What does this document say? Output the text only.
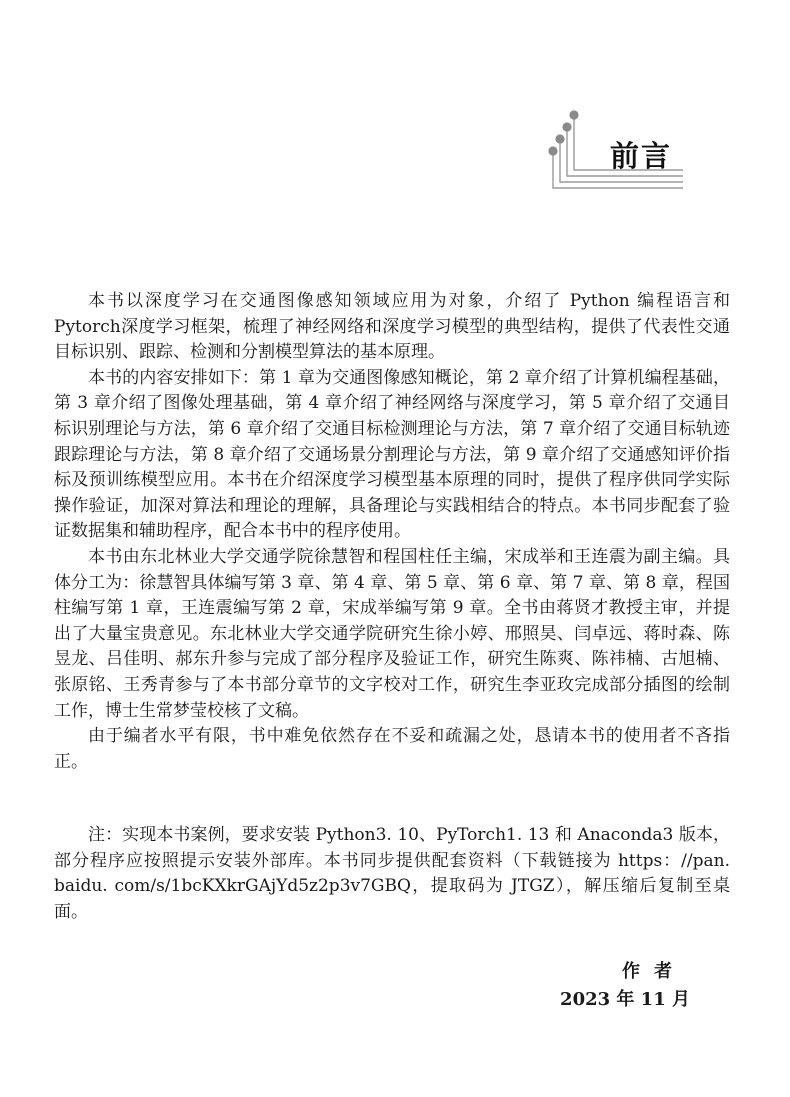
前言

本书以深度学习在交通图像感知领域应用为对象，介绍了 Python 编程语言和 Pytorch深度学习框架，梳理了神经网络和深度学习模型的典型结构，提供了代表性交通目标识别、跟踪、检测和分割模型算法的基本原理。

本书的内容安排如下：第 1 章为交通图像感知概论，第 2 章介绍了计算机编程基础，第 3 章介绍了图像处理基础，第 4 章介绍了神经网络与深度学习，第 5 章介绍了交通目标识别理论与方法，第 6 章介绍了交通目标检测理论与方法，第 7 章介绍了交通目标轨迹跟踪理论与方法，第 8 章介绍了交通场景分割理论与方法，第 9 章介绍了交通感知评价指标及预训练模型应用。本书在介绍深度学习模型基本原理的同时，提供了程序供同学实际操作验证，加深对算法和理论的理解，具备理论与实践相结合的特点。本书同步配套了验证数据集和辅助程序，配合本书中的程序使用。

本书由东北林业大学交通学院徐慧智和程国柱任主编，宋成举和王连震为副主编。具体分工为：徐慧智具体编写第 3 章、第 4 章、第 5 章、第 6 章、第 7 章、第 8 章，程国柱编写第 1 章，王连震编写第 2 章，宋成举编写第 9 章。全书由蒋贤才教授主审，并提出了大量宝贵意见。东北林业大学交通学院研究生徐小婷、邢照昊、闫卓远、蒋时森、陈昱龙、吕佳明、郝东升参与完成了部分程序及验证工作，研究生陈爽、陈祎楠、古旭楠、张原铭、王秀青参与了本书部分章节的文字校对工作，研究生李亚玫完成部分插图的绘制工作，博士生常梦莹校核了文稿。

由于编者水平有限，书中难免依然存在不妥和疏漏之处，恳请本书的使用者不吝指正。

注：实现本书案例，要求安装 Python3. 10、PyTorch1. 13 和 Anaconda3 版本，部分程序应按照提示安装外部库。本书同步提供配套资料（下载链接为 https：//pan. baidu. com/s/1bcKXkrGAjYd5z2p3v7GBQ，提取码为 JTGZ），解压缩后复制至桌面。

作者

2023 年 11 月
